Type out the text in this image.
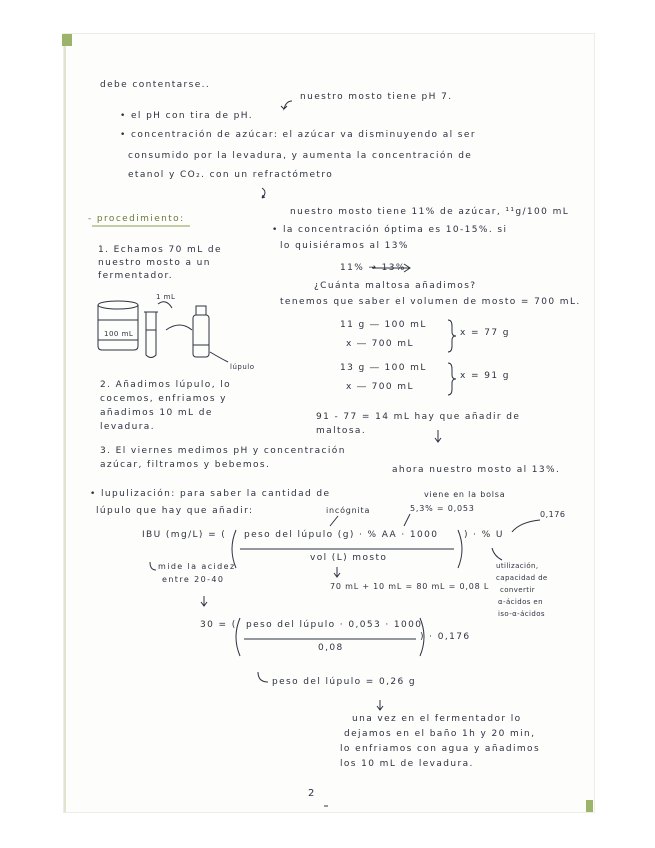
debe contentarse..
• el pH con tira de pH.
nuestro mosto tiene pH 7.
• concentración de azúcar: el azúcar va disminuyendo al ser
consumido por la levadura, y aumenta la concentración de
etanol y CO₂. con un refractómetro
nuestro mosto tiene 11% de azúcar, ¹¹g/100 mL
- procedimiento:
1. Echamos 70 mL de nuestro mosto a un fermentador.
1 mL
100 mL
lúpulo
2. Añadimos lúpulo, lo cocemos, enfriamos y añadimos 10 mL de levadura.
3. El viernes medimos pH y concentración azúcar, filtramos y bebemos.
• la concentración óptima es 10-15%. si
lo quisiéramos al 13%
11% → 13%
¿Cuánta maltosa añadimos?
tenemos que saber el volumen de mosto = 700 mL.
11 g ― 100 mL
x ― 700 mL
x = 77 g
13 g ― 100 mL
x ― 700 mL
x = 91 g
91 - 77 = 14 mL hay que añadir de maltosa.
ahora nuestro mosto al 13%.
• lupulización: para saber la cantidad de
lúpulo que hay que añadir:	incógnita
viene en la bolsa
5,3% = 0,053
0,176
IBU (mg/L) = ( peso del lúpulo (g) · % AA · 1000
vol (L) mosto
) · % U
mide la acidez
entre 20-40
70 mL + 10 mL = 80 mL = 0,08 L
utilización,
capacidad de
convertir
α-ácidos en
iso-α-ácidos
30 = ( peso del lúpulo · 0,053 · 1000
0,08
) · 0,176
peso del lúpulo = 0,26 g
una vez en el fermentador lo
dejamos en el baño 1h y 20 min,
lo enfriamos con agua y añadimos
los 10 mL de levadura.
2
